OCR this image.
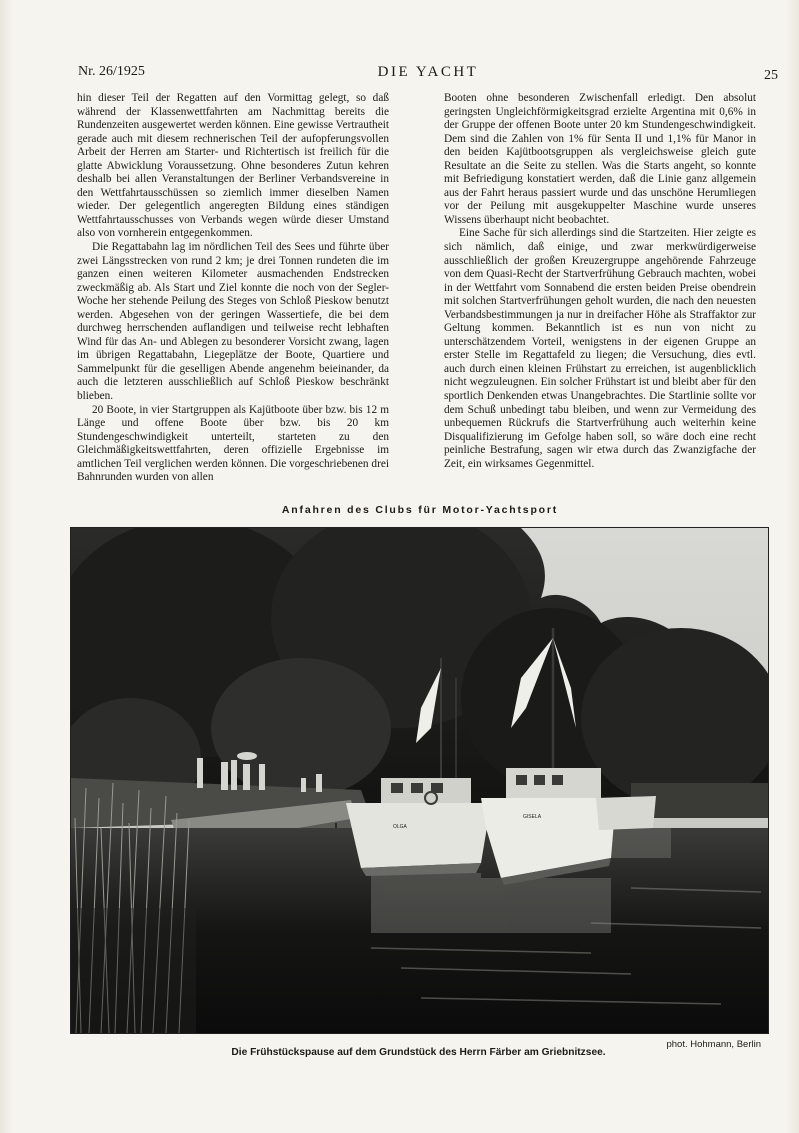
Nr. 26/1925	DIE YACHT	25

hin dieser Teil der Regatten auf den Vormittag gelegt, so daß während der Klassenwettfahrten am Nachmittag bereits die Rundenzeiten ausgewertet werden können. Eine gewisse Vertrautheit gerade auch mit diesem rechnerischen Teil der aufopferungsvollen Arbeit der Herren am Starter- und Richtertisch ist freilich für die glatte Abwicklung Voraussetzung. Ohne besonderes Zutun kehren deshalb bei allen Veranstaltungen der Berliner Verbandsvereine in den Wettfahrtausschüssen so ziemlich immer dieselben Namen wieder. Der gelegentlich angeregten Bildung eines ständigen Wettfahrtausschusses von Verbands wegen würde dieser Umstand also von vornherein entgegenkommen.

Die Regattabahn lag im nördlichen Teil des Sees und führte über zwei Längsstrecken von rund 2 km; je drei Tonnen rundeten die im ganzen einen weiteren Kilometer ausmachenden Endstrecken zweckmäßig ab. Als Start und Ziel konnte die noch von der Segler-Woche her stehende Peilung des Steges von Schloß Pieskow benutzt werden. Abgesehen von der geringen Wassertiefe, die bei dem durchweg herrschenden auflandigen und teilweise recht lebhaften Wind für das An- und Ablegen zu besonderer Vorsicht zwang, lagen im übrigen Regattabahn, Liegeplätze der Boote, Quartiere und Sammelpunkt für die geselligen Abende angenehm beieinander, da auch die letzteren ausschließlich auf Schloß Pieskow beschränkt blieben.

20 Boote, in vier Startgruppen als Kajütboote über bzw. bis 12 m Länge und offene Boote über bzw. bis 20 km Stundengeschwindigkeit unterteilt, starteten zu den Gleichmäßigkeitswettfahrten, deren offizielle Ergebnisse im amtlichen Teil verglichen werden können. Die vorgeschriebenen drei Bahnrunden wurden von allen

Booten ohne besonderen Zwischenfall erledigt. Den absolut geringsten Ungleichförmigkeitsgrad erzielte Argentina mit 0,6% in der Gruppe der offenen Boote unter 20 km Stundengeschwindigkeit. Dem sind die Zahlen von 1% für Senta II und 1,1% für Manor in den beiden Kajütbootsgruppen als vergleichsweise gleich gute Resultate an die Seite zu stellen. Was die Starts angeht, so konnte mit Befriedigung konstatiert werden, daß die Linie ganz allgemein aus der Fahrt heraus passiert wurde und das unschöne Herumliegen vor der Peilung mit ausgekuppelter Maschine wurde unseres Wissens überhaupt nicht beobachtet.

Eine Sache für sich allerdings sind die Startzeiten. Hier zeigte es sich nämlich, daß einige, und zwar merkwürdigerweise ausschließlich der großen Kreuzergruppe angehörende Fahrzeuge von dem Quasi-Recht der Startverfrühung Gebrauch machten, wobei in der Wettfahrt vom Sonnabend die ersten beiden Preise obendrein mit solchen Startverfrühungen geholt wurden, die nach den neuesten Verbandsbestimmungen ja nur in dreifacher Höhe als Straffaktor zur Geltung kommen. Bekanntlich ist es nun von nicht zu unterschätzendem Vorteil, wenigstens in der eigenen Gruppe an erster Stelle im Regattafeld zu liegen; die Versuchung, dies evtl. auch durch einen kleinen Frühstart zu erreichen, ist augenblicklich nicht wegzuleugnen. Ein solcher Frühstart ist und bleibt aber für den sportlich Denkenden etwas Unangebrachtes. Die Startlinie sollte vor dem Schuß unbedingt tabu bleiben, und wenn zur Vermeidung des unbequemen Rückrufs die Startverfrühung auch weiterhin keine Disqualifizierung im Gefolge haben soll, so wäre doch eine recht peinliche Bestrafung, sagen wir etwa durch das Zwanzigfache der Zeit, ein wirksames Gegenmittel.

Anfahren des Clubs für Motor-Yachtsport
OLGA
GISELA
phot. Hohmann, Berlin
Die Frühstückspause auf dem Grundstück des Herrn Färber am Griebnitzsee.
